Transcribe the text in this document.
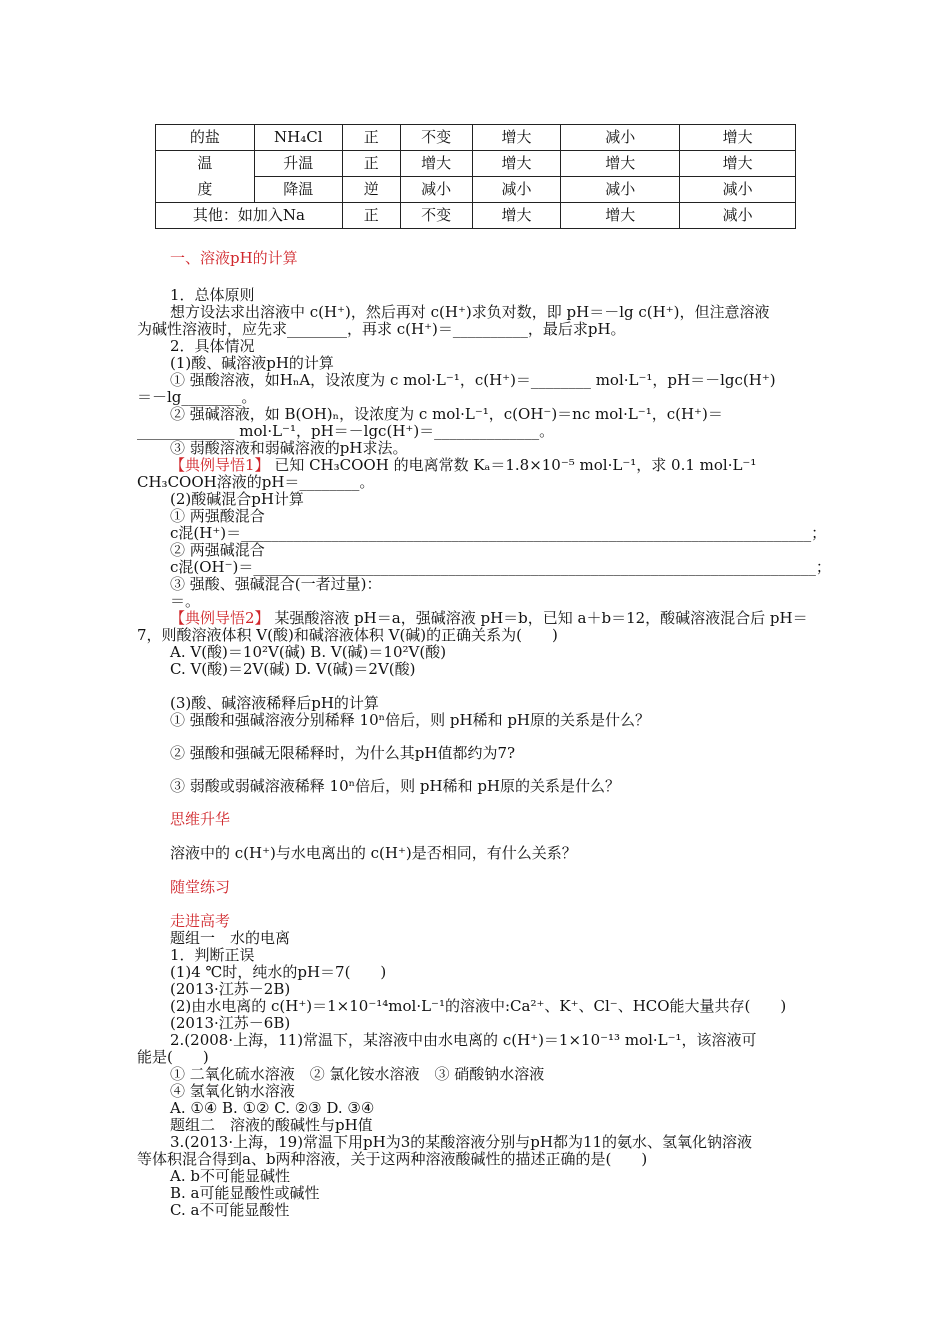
的盐	NH₄Cl	正	不变	增大	减小	增大
温	升温	正	增大	增大	增大	增大
度	降温	逆	减小	减小	减小	减小
其他：如加入Na		正	不变	增大	增大	减小
一、溶液pH的计算
1．总体原则
想方设法求出溶液中 c(H⁺)，然后再对 c(H⁺)求负对数，即 pH＝－lg c(H⁺)，但注意溶液
为碱性溶液时，应先求________，再求 c(H⁺)＝__________，最后求pH。
2．具体情况
(1)酸、碱溶液pH的计算
① 强酸溶液，如HₙA，设浓度为 c mol·L⁻¹，c(H⁺)＝________ mol·L⁻¹，pH＝－lgc(H⁺)
＝－lg________。
② 强碱溶液，如 B(OH)ₙ，设浓度为 c mol·L⁻¹，c(OH⁻)＝nc mol·L⁻¹，c(H⁺)＝
_____________ mol·L⁻¹，pH＝－lgc(H⁺)＝______________。
③ 弱酸溶液和弱碱溶液的pH求法。
【典例导悟1】 已知 CH₃COOH 的电离常数 Kₐ＝1.8×10⁻⁵ mol·L⁻¹，求 0.1 mol·L⁻¹
CH₃COOH溶液的pH＝________。
(2)酸碱混合pH计算
① 两强酸混合
c混(H⁺)＝____________________________________________________________________________；
② 两强碱混合
c混(OH⁻)＝___________________________________________________________________________；
③ 强酸、强碱混合(一者过量)：
＝。
【典例导悟2】 某强酸溶液 pH＝a，强碱溶液 pH＝b，已知 a＋b＝12，酸碱溶液混合后 pH＝
7，则酸溶液体积 V(酸)和碱溶液体积 V(碱)的正确关系为(　　)
A. V(酸)＝10²V(碱) B. V(碱)＝10²V(酸)
C. V(酸)＝2V(碱) D. V(碱)＝2V(酸)
(3)酸、碱溶液稀释后pH的计算
① 强酸和强碱溶液分别稀释 10ⁿ倍后，则 pH稀和 pH原的关系是什么？
② 强酸和强碱无限稀释时，为什么其pH值都约为7?
③ 弱酸或弱碱溶液稀释 10ⁿ倍后，则 pH稀和 pH原的关系是什么？
思维升华
溶液中的 c(H⁺)与水电离出的 c(H⁺)是否相同，有什么关系？
随堂练习
走进高考
题组一　水的电离
1．判断正误
(1)4 ℃时，纯水的pH＝7(　　)
(2013·江苏－2B)
(2)由水电离的 c(H⁺)＝1×10⁻¹⁴mol·L⁻¹的溶液中:Ca²⁺、K⁺、Cl⁻、HCO能大量共存(　　)
(2013·江苏－6B)
2.(2008·上海，11)常温下，某溶液中由水电离的 c(H⁺)＝1×10⁻¹³ mol·L⁻¹，该溶液可
能是(　　)
① 二氧化硫水溶液　② 氯化铵水溶液　③ 硝酸钠水溶液
④ 氢氧化钠水溶液
A. ①④ B. ①② C. ②③ D. ③④
题组二　溶液的酸碱性与pH值
3.(2013·上海，19)常温下用pH为3的某酸溶液分别与pH都为11的氨水、氢氧化钠溶液
等体积混合得到a、b两种溶液，关于这两种溶液酸碱性的描述正确的是(　　)
A. b不可能显碱性
B. a可能显酸性或碱性
C. a不可能显酸性
